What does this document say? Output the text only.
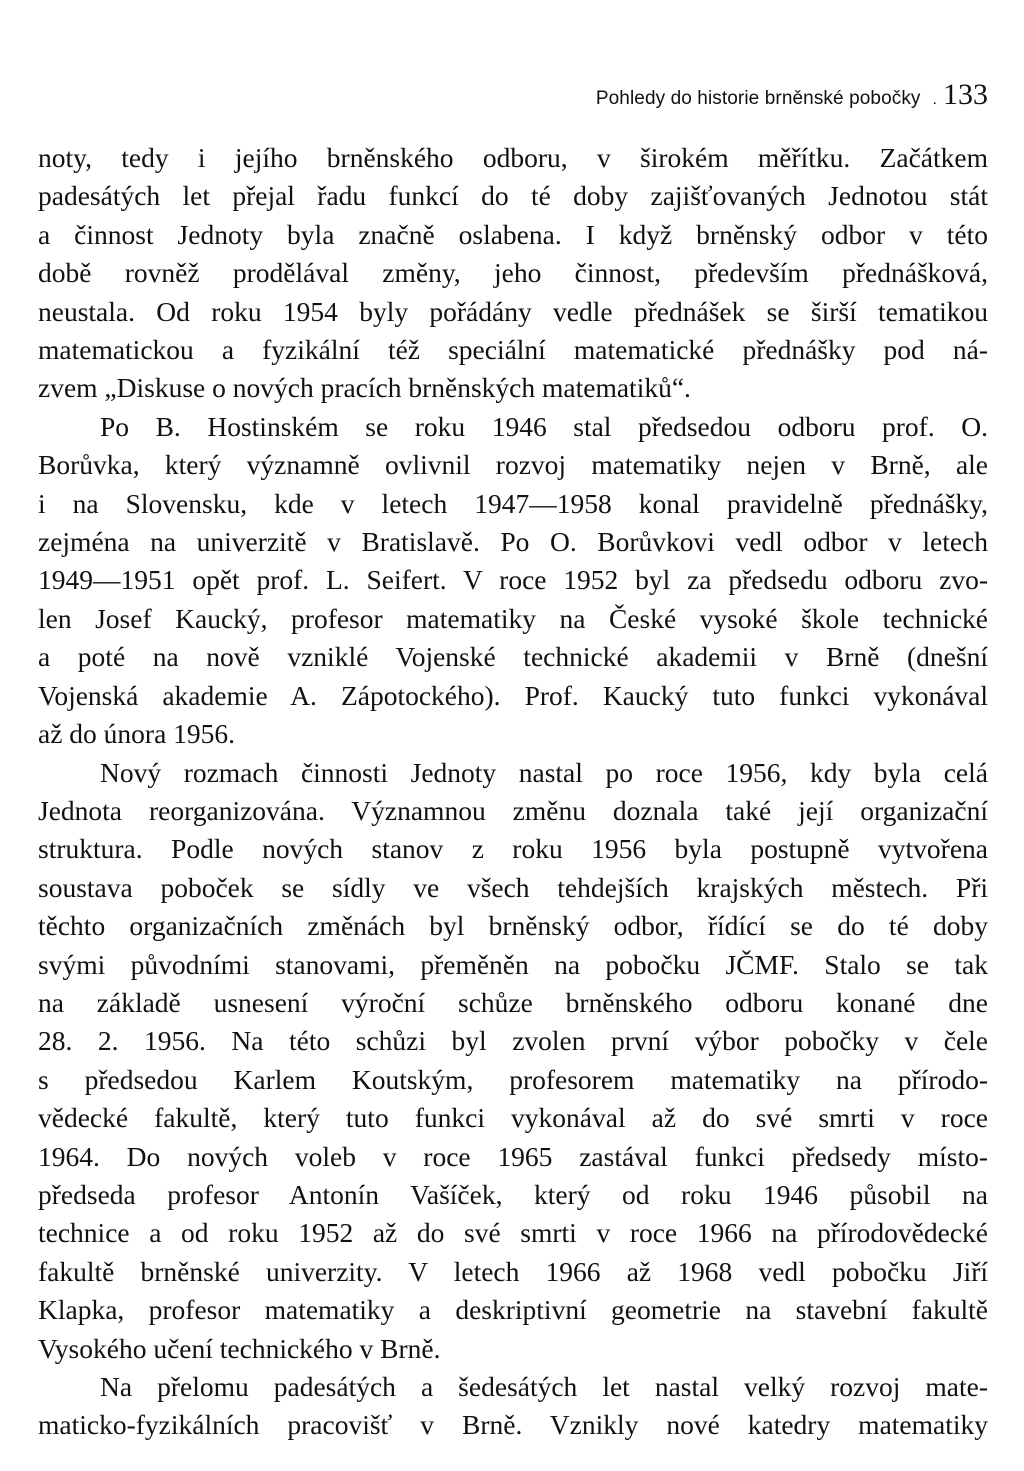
Pohledy do historie brněnské pobočky . 133
noty, tedy i jejího brněnského odboru, v širokém měřítku. Začátkem
padesátých let přejal řadu funkcí do té doby zajišťovaných Jednotou stát
a činnost Jednoty byla značně oslabena. I když brněnský odbor v této
době rovněž prodělával změny, jeho činnost, především přednášková,
neustala. Od roku 1954 byly pořádány vedle přednášek se širší tematikou
matematickou a fyzikální též speciální matematické přednášky pod ná-
zvem „Diskuse o nových pracích brněnských matematiků“.
Po B. Hostinském se roku 1946 stal předsedou odboru prof. O.
Borůvka, který významně ovlivnil rozvoj matematiky nejen v Brně, ale
i na Slovensku, kde v letech 1947—1958 konal pravidelně přednášky,
zejména na univerzitě v Bratislavě. Po O. Borůvkovi vedl odbor v letech
1949—1951 opět prof. L. Seifert. V roce 1952 byl za předsedu odboru zvo-
len Josef Kaucký, profesor matematiky na České vysoké škole technické
a poté na nově vzniklé Vojenské technické akademii v Brně (dnešní
Vojenská akademie A. Zápotockého). Prof. Kaucký tuto funkci vykonával
až do února 1956.
Nový rozmach činnosti Jednoty nastal po roce 1956, kdy byla celá
Jednota reorganizována. Významnou změnu doznala také její organizační
struktura. Podle nových stanov z roku 1956 byla postupně vytvořena
soustava poboček se sídly ve všech tehdejších krajských městech. Při
těchto organizačních změnách byl brněnský odbor, řídící se do té doby
svými původními stanovami, přeměněn na pobočku JČMF. Stalo se tak
na základě usnesení výroční schůze brněnského odboru konané dne
28. 2. 1956. Na této schůzi byl zvolen první výbor pobočky v čele
s předsedou Karlem Koutským, profesorem matematiky na přírodo-
vědecké fakultě, který tuto funkci vykonával až do své smrti v roce
1964. Do nových voleb v roce 1965 zastával funkci předsedy místo-
předseda profesor Antonín Vašíček, který od roku 1946 působil na
technice a od roku 1952 až do své smrti v roce 1966 na přírodovědecké
fakultě brněnské univerzity. V letech 1966 až 1968 vedl pobočku Jiří
Klapka, profesor matematiky a deskriptivní geometrie na stavební fakultě
Vysokého učení technického v Brně.
Na přelomu padesátých a šedesátých let nastal velký rozvoj mate-
maticko-fyzikálních pracovišť v Brně. Vznikly nové katedry matematiky
